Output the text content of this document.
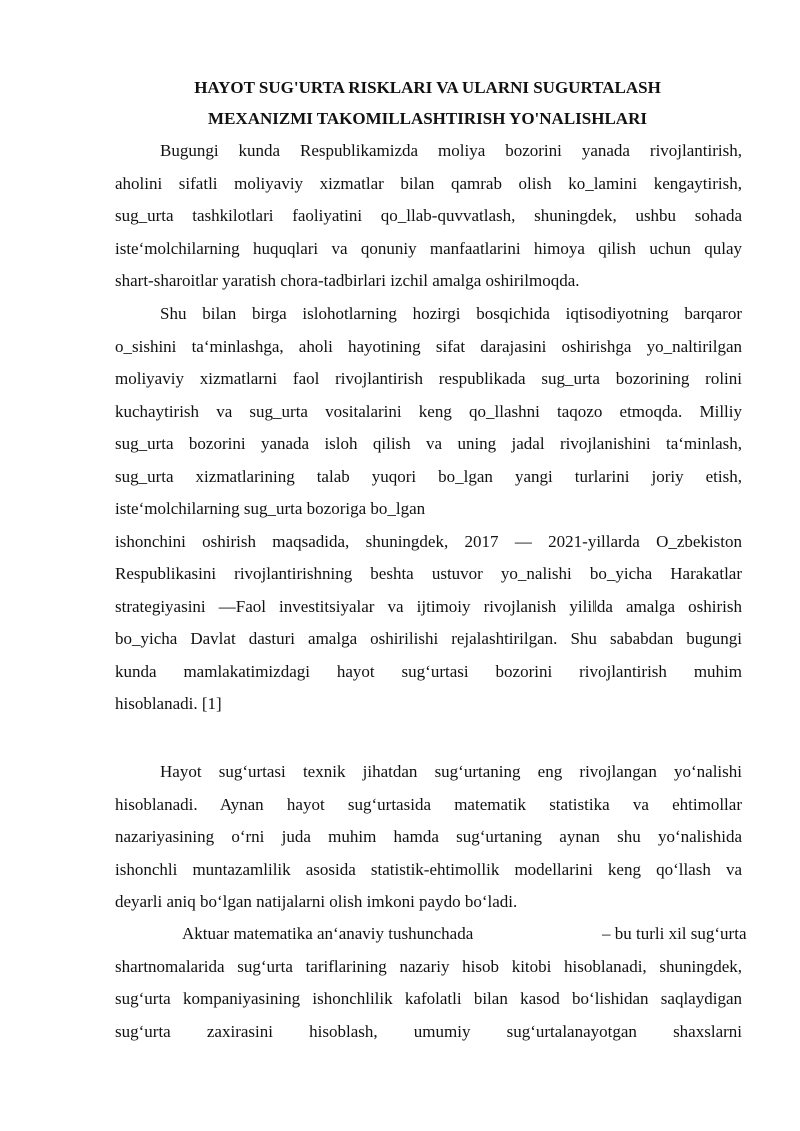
HAYOT SUG'URTA RISKLARI VA ULARNI SUGURTALASH
MEXANIZMI TAKOMILLASHTIRISH YO'NALISHLARI
Bugungi kunda Respublikamizda moliya bozorini yanada rivojlantirish,
aholini sifatli moliyaviy xizmatlar bilan qamrab olish ko_lamini kengaytirish,
sug_urta tashkilotlari faoliyatini qo_llab-quvvatlash, shuningdek, ushbu sohada
iste‘molchilarning huquqlari va qonuniy manfaatlarini himoya qilish uchun qulay
shart-sharoitlar yaratish chora-tadbirlari izchil amalga oshirilmoqda.
Shu bilan birga islohotlarning hozirgi bosqichida iqtisodiyotning barqaror
o_sishini ta‘minlashga, aholi hayotining sifat darajasini oshirishga yo_naltirilgan
moliyaviy xizmatlarni faol rivojlantirish respublikada sug_urta bozorining rolini
kuchaytirish va sug_urta vositalarini keng qo_llashni taqozo etmoqda. Milliy
sug_urta bozorini yanada isloh qilish va uning jadal rivojlanishini ta‘minlash,
sug_urta xizmatlarining talab yuqori bo_lgan yangi turlarini joriy etish,
iste‘molchilarning sug_urta bozoriga bo_lgan
ishonchini oshirish maqsadida, shuningdek, 2017 — 2021-yillarda O_zbekiston
Respublikasini rivojlantirishning beshta ustuvor yo_nalishi bo_yicha Harakatlar
strategiyasini —Faol investitsiyalar va ijtimoiy rivojlanish yili‖da amalga oshirish
bo_yicha Davlat dasturi amalga oshirilishi rejalashtirilgan. Shu sababdan bugungi
kunda mamlakatimizdagi hayot sug‘urtasi bozorini rivojlantirish muhim
hisoblanadi. [1]
Hayot sug‘urtasi texnik jihatdan sug‘urtaning eng rivojlangan yo‘nalishi
hisoblanadi. Aynan hayot sug‘urtasida matematik statistika va ehtimollar
nazariyasining o‘rni juda muhim hamda sug‘urtaning aynan shu yo‘nalishida
ishonchli muntazamlilik asosida statistik-ehtimollik modellarini keng qo‘llash va
deyarli aniq bo‘lgan natijalarni olish imkoni paydo bo‘ladi.
Aktuar matematika an‘anaviy tushunchada	– bu turli xil sug‘urta
shartnomalarida sug‘urta tariflarining nazariy hisob kitobi hisoblanadi, shuningdek,
sug‘urta kompaniyasining ishonchlilik kafolatli bilan kasod bo‘lishidan saqlaydigan
sug‘urta zaxirasini hisoblash, umumiy sug‘urtalanayotgan shaxslarni
